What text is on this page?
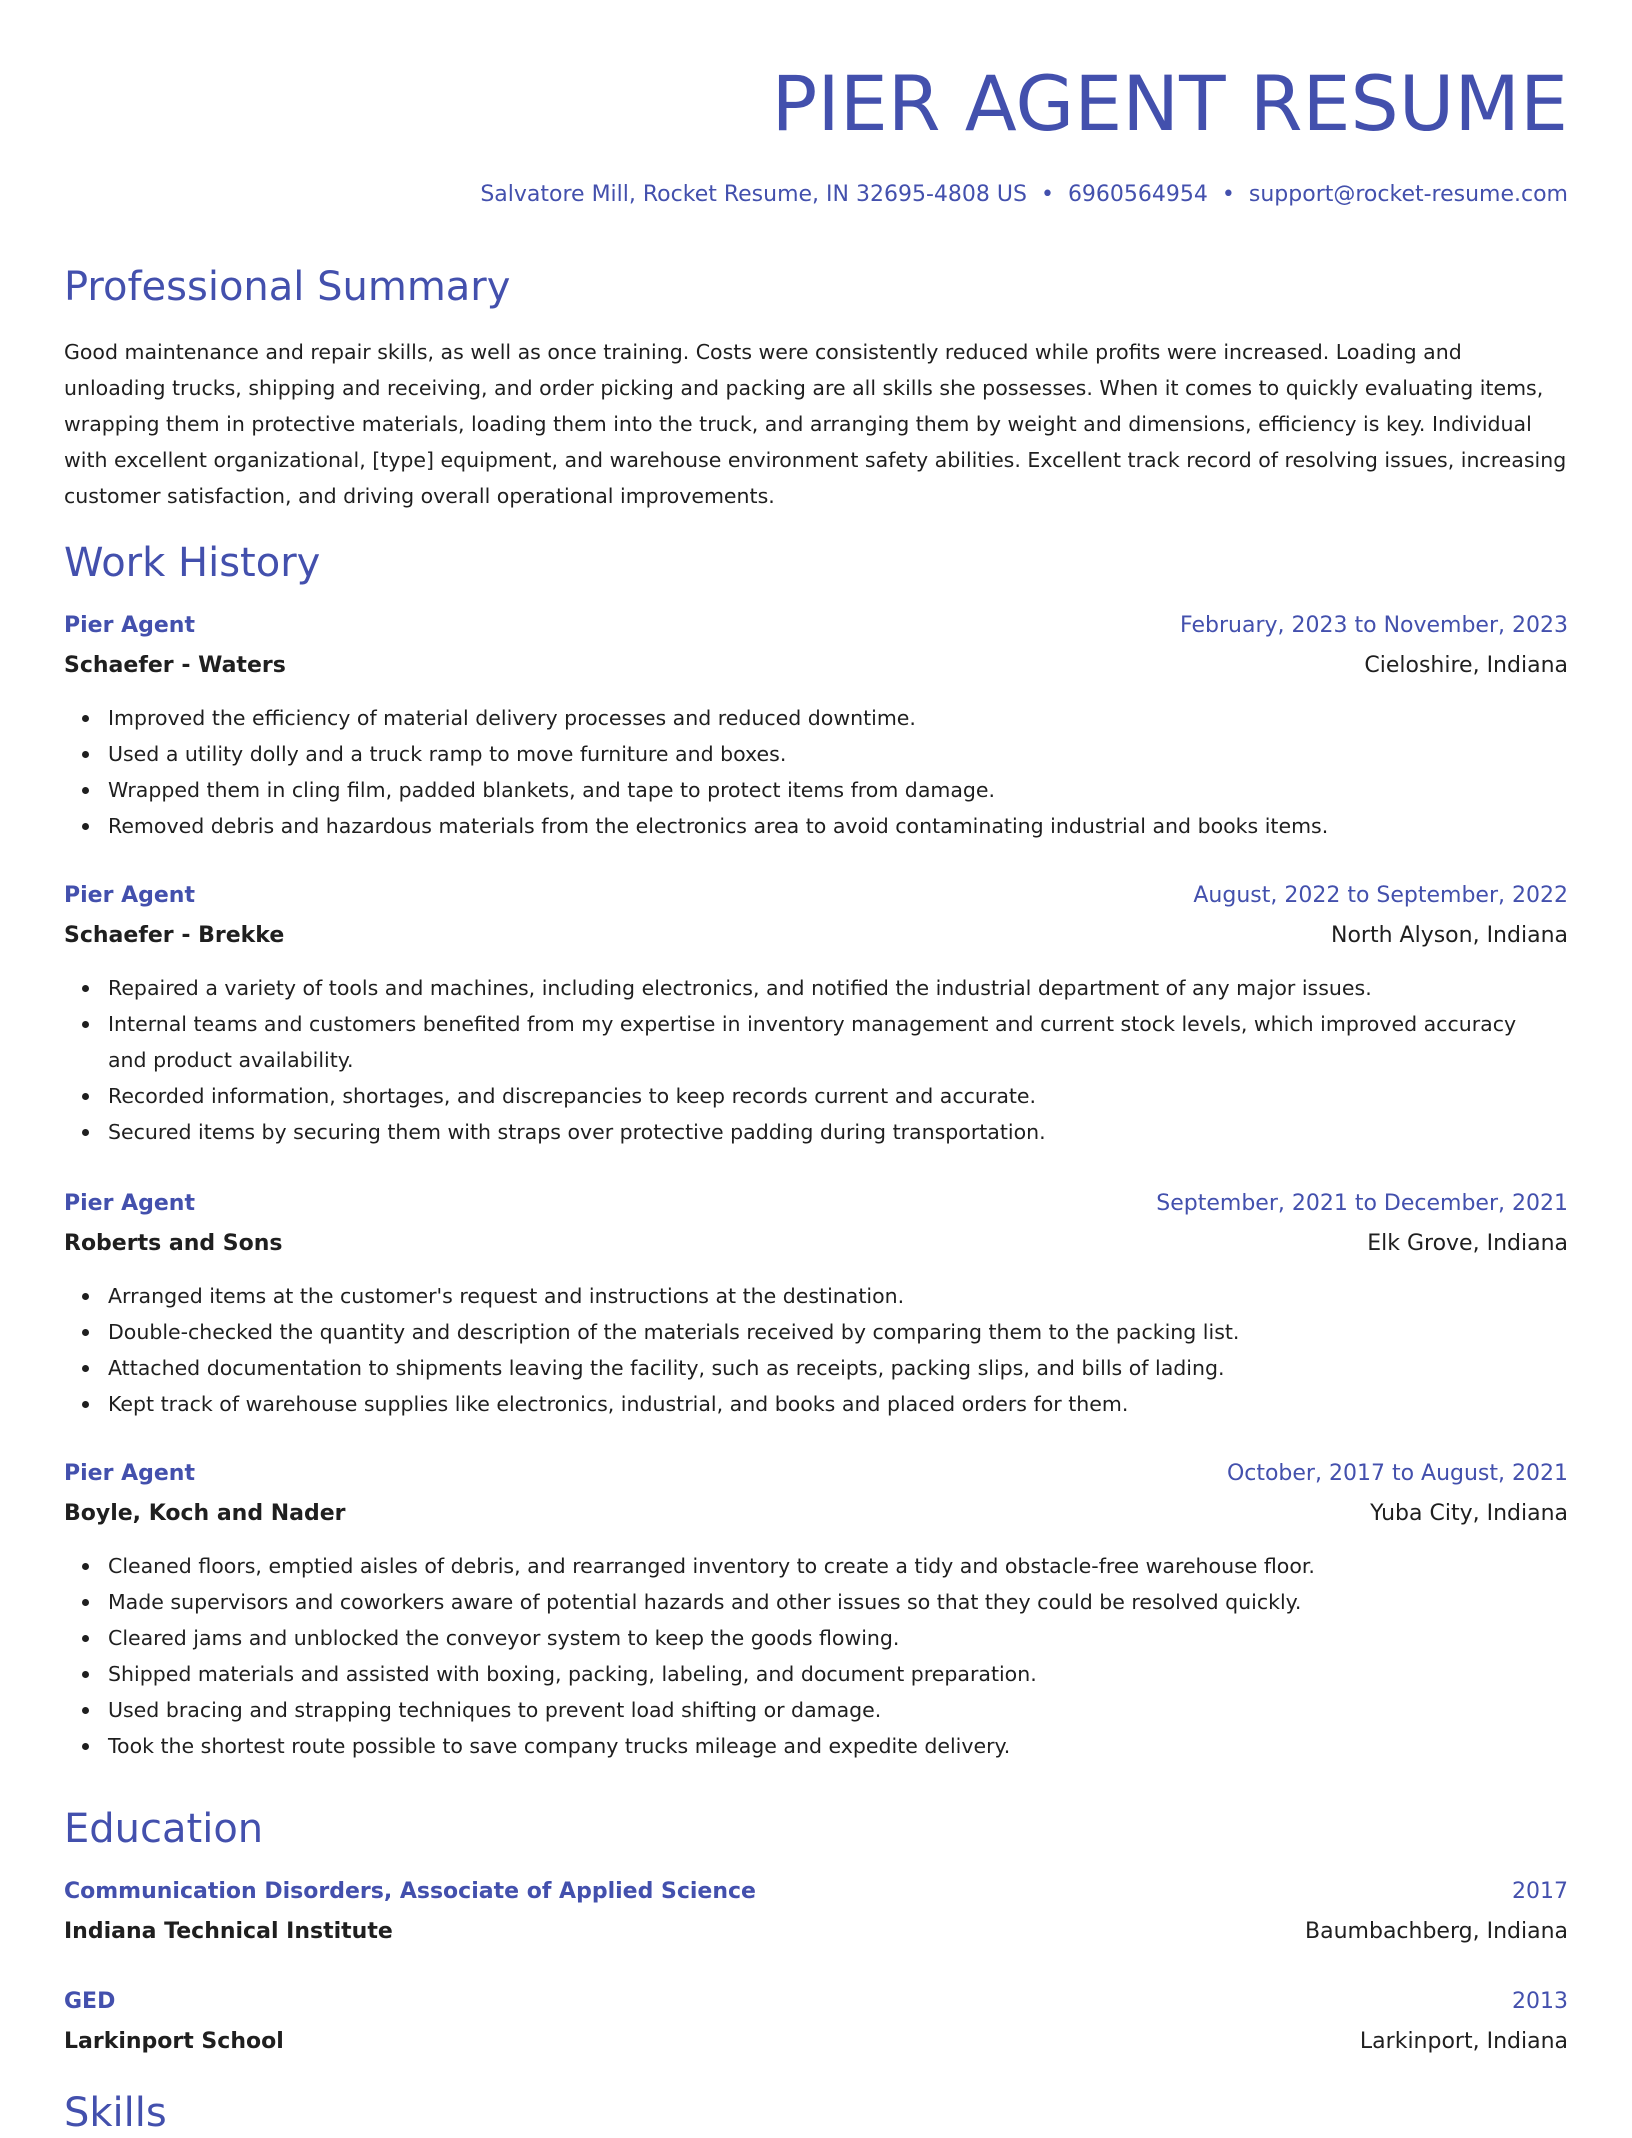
PIER AGENT RESUME
Salvatore Mill, Rocket Resume, IN 32695-4808 US • 6960564954 • support@rocket-resume.com
Professional Summary

Good maintenance and repair skills, as well as once training. Costs were consistently reduced while profits were increased. Loading and unloading trucks, shipping and receiving, and order picking and packing are all skills she possesses. When it comes to quickly evaluating items, wrapping them in protective materials, loading them into the truck, and arranging them by weight and dimensions, efficiency is key. Individual with excellent organizational, [type] equipment, and warehouse environment safety abilities. Excellent track record of resolving issues, increasing customer satisfaction, and driving overall operational improvements.

Work History
Pier Agent	February, 2023 to November, 2023
Schaefer - Waters	Cieloshire, Indiana
Improved the efficiency of material delivery processes and reduced downtime.
Used a utility dolly and a truck ramp to move furniture and boxes.
Wrapped them in cling film, padded blankets, and tape to protect items from damage.
Removed debris and hazardous materials from the electronics area to avoid contaminating industrial and books items.
Pier Agent	August, 2022 to September, 2022
Schaefer - Brekke	North Alyson, Indiana
Repaired a variety of tools and machines, including electronics, and notified the industrial department of any major issues.
Internal teams and customers benefited from my expertise in inventory management and current stock levels, which improved accuracy and product availability.
Recorded information, shortages, and discrepancies to keep records current and accurate.
Secured items by securing them with straps over protective padding during transportation.
Pier Agent	September, 2021 to December, 2021
Roberts and Sons	Elk Grove, Indiana
Arranged items at the customer's request and instructions at the destination.
Double-checked the quantity and description of the materials received by comparing them to the packing list.
Attached documentation to shipments leaving the facility, such as receipts, packing slips, and bills of lading.
Kept track of warehouse supplies like electronics, industrial, and books and placed orders for them.
Pier Agent	October, 2017 to August, 2021
Boyle, Koch and Nader	Yuba City, Indiana
Cleaned floors, emptied aisles of debris, and rearranged inventory to create a tidy and obstacle-free warehouse floor.
Made supervisors and coworkers aware of potential hazards and other issues so that they could be resolved quickly.
Cleared jams and unblocked the conveyor system to keep the goods flowing.
Shipped materials and assisted with boxing, packing, labeling, and document preparation.
Used bracing and strapping techniques to prevent load shifting or damage.
Took the shortest route possible to save company trucks mileage and expedite delivery.
Education
Communication Disorders, Associate of Applied Science	2017
Indiana Technical Institute	Baumbachberg, Indiana
GED	2013
Larkinport School	Larkinport, Indiana
Skills
